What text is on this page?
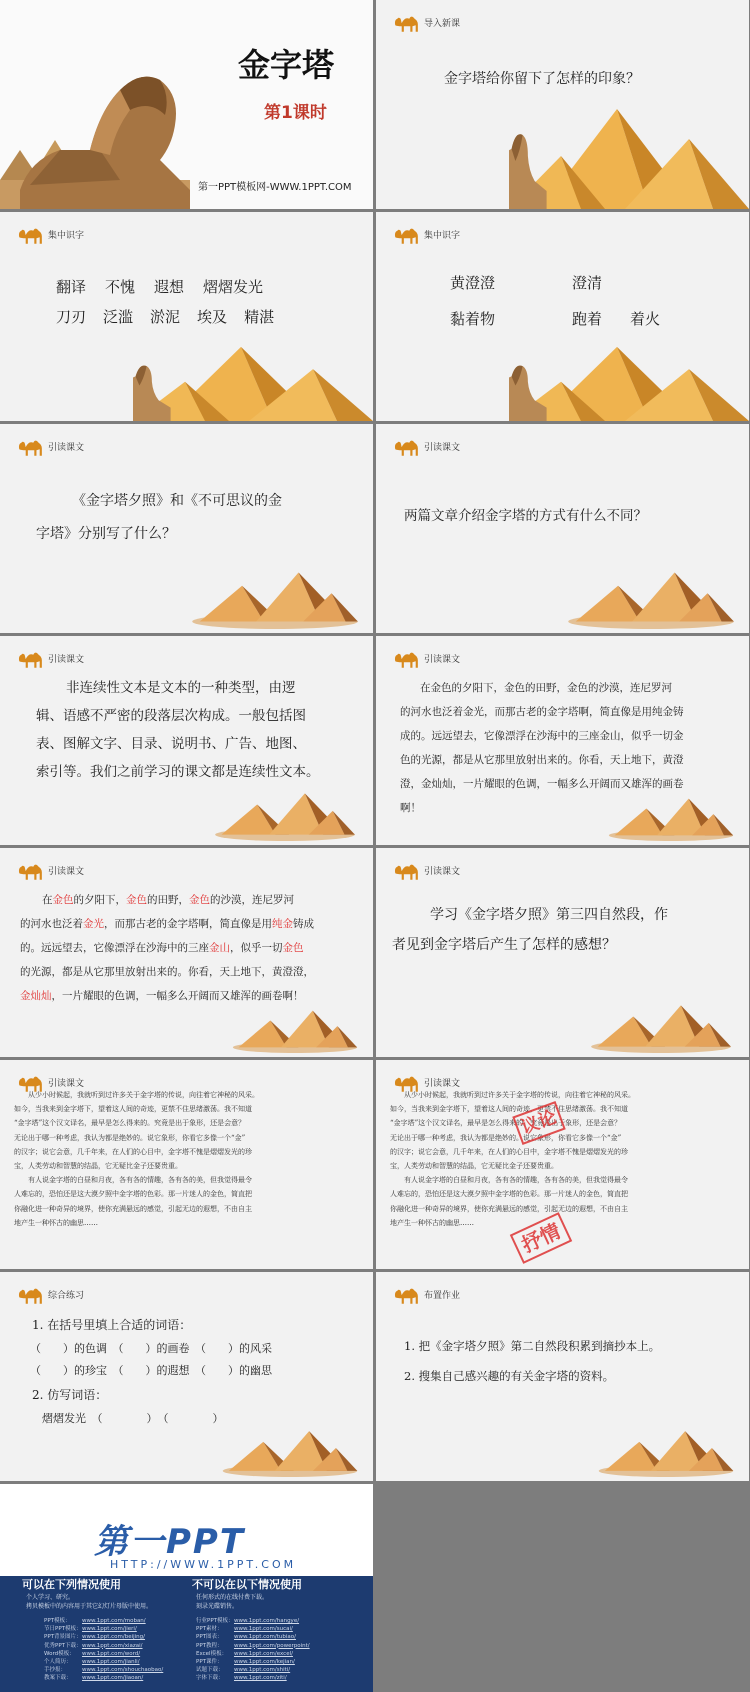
金字塔
第1课时
第一PPT模板网-WWW.1PPT.COM
导入新课
金字塔给你留下了怎样的印象？
集中识字
翻译 不愧 遐想 熠熠发光
刀刃 泛滥 淤泥 埃及 精湛
集中识字
黄澄澄	澄清
黏着物	跑着 着火
引读课文
《金字塔夕照》和《不可思议的金
字塔》分别写了什么？
引读课文
两篇文章介绍金字塔的方式有什么不同？
引读课文
非连续性文本是文本的一种类型，由逻
辑、语感不严密的段落层次构成。一般包括图
表、图解文字、目录、说明书、广告、地图、
索引等。我们之前学习的课文都是连续性文本。
引读课文
在金色的夕阳下，金色的田野，金色的沙漠，连尼罗河
的河水也泛着金光，而那古老的金字塔啊，简直像是用纯金铸
成的。远远望去，它像漂浮在沙海中的三座金山，似乎一切金
色的光源，都是从它那里放射出来的。你看，天上地下，黄澄
澄，金灿灿，一片耀眼的色调，一幅多么开阔而又雄浑的画卷
啊！
引读课文
在金色的夕阳下，金色的田野，金色的沙漠，连尼罗河
的河水也泛着金光，而那古老的金字塔啊，简直像是用纯金铸成
的。远远望去，它像漂浮在沙海中的三座金山，似乎一切金色
的光源，都是从它那里放射出来的。你看，天上地下，黄澄澄，
金灿灿，一片耀眼的色调，一幅多么开阔而又雄浑的画卷啊！
引读课文
学习《金字塔夕照》第三四自然段，作
者见到金字塔后产生了怎样的感想？
引读课文
从少小时候起，我就听到过许多关于金字塔的传说，向往着它神秘的风采。
如今，当我来到金字塔下，望着这人间的奇迹，更禁不住思绪激荡。我不知道
“金字塔”这个汉文译名，最早是怎么得来的。究竟是出于象形，还是会意？
无论出于哪一种考虑，我认为都是绝妙的。说它象形，你看它多像一个“金”
的汉字；说它会意，几千年来，在人们的心目中，金字塔不愧是熠熠发光的珍
宝，人类劳动和智慧的结晶，它无疑比金子还要贵重。
有人说金字塔的白昼和月夜，各有各的情趣，各有各的美，但我觉得最令
人难忘的，恐怕还是这大漠夕照中金字塔的色彩。那一片迷人的金色，简直把
你融化进一种奇异的境界，使你充满悬远的感觉，引起无边的遐想，不由自主
地产生一种怀古的幽思……
引读课文
从少小时候起，我就听到过许多关于金字塔的传说，向往着它神秘的风采。
如今，当我来到金字塔下，望着这人间的奇迹，更禁不住思绪激荡。我不知道
“金字塔”这个汉文译名，最早是怎么得来的。究竟是出于象形，还是会意？
无论出于哪一种考虑，我认为都是绝妙的。说它象形，你看它多像一个“金”
的汉字；说它会意，几千年来，在人们的心目中，金字塔不愧是熠熠发光的珍
宝，人类劳动和智慧的结晶，它无疑比金子还要贵重。
有人说金字塔的白昼和月夜，各有各的情趣，各有各的美，但我觉得最令
人难忘的，恐怕还是这大漠夕照中金字塔的色彩。那一片迷人的金色，简直把
你融化进一种奇异的境界，使你充满悬远的感觉，引起无边的遐想，不由自主
地产生一种怀古的幽思……
议论
抒情
综合练习
1. 在括号里填上合适的词语：
（　　）的色调　（　　）的画卷　（　　）的风采
（　　）的珍宝　（　　）的遐想　（　　）的幽思
2. 仿写词语：
熠熠发光　（　　　　）　（　　　　）
布置作业
1. 把《金字塔夕照》第二自然段积累到摘抄本上。
2. 搜集自己感兴趣的有关金字塔的资料。
第一PPT
HTTP://WWW.1PPT.COM
可以在下列情况使用
个人学习、研究。
拷贝模板中的内容用于其它幻灯片母版中使用。
不可以在以下情况使用
任何形式的在线付费下载。
刻录光碟销售。
PPT模板： www.1ppt.com/moban/
节日PPT模板：www.1ppt.com/jieri/
PPT背景图片：www.1ppt.com/beijing/
优秀PPT下载：www.1ppt.com/xiazai/
Word模板： www.1ppt.com/word/
个人简历： www.1ppt.com/jianli/
手抄报：	www.1ppt.com/shouchaobao/
教案下载： www.1ppt.com/jiaoan/
行业PPT模板：www.1ppt.com/hangye/
PPT素材： www.1ppt.com/sucai/
PPT图表： www.1ppt.com/tubiao/
PPT教程： www.1ppt.com/powerpoint/
Excel模板： www.1ppt.com/excel/
PPT课件： www.1ppt.com/kejian/
试题下载： www.1ppt.com/shiti/
字体下载： www.1ppt.com/ziti/
